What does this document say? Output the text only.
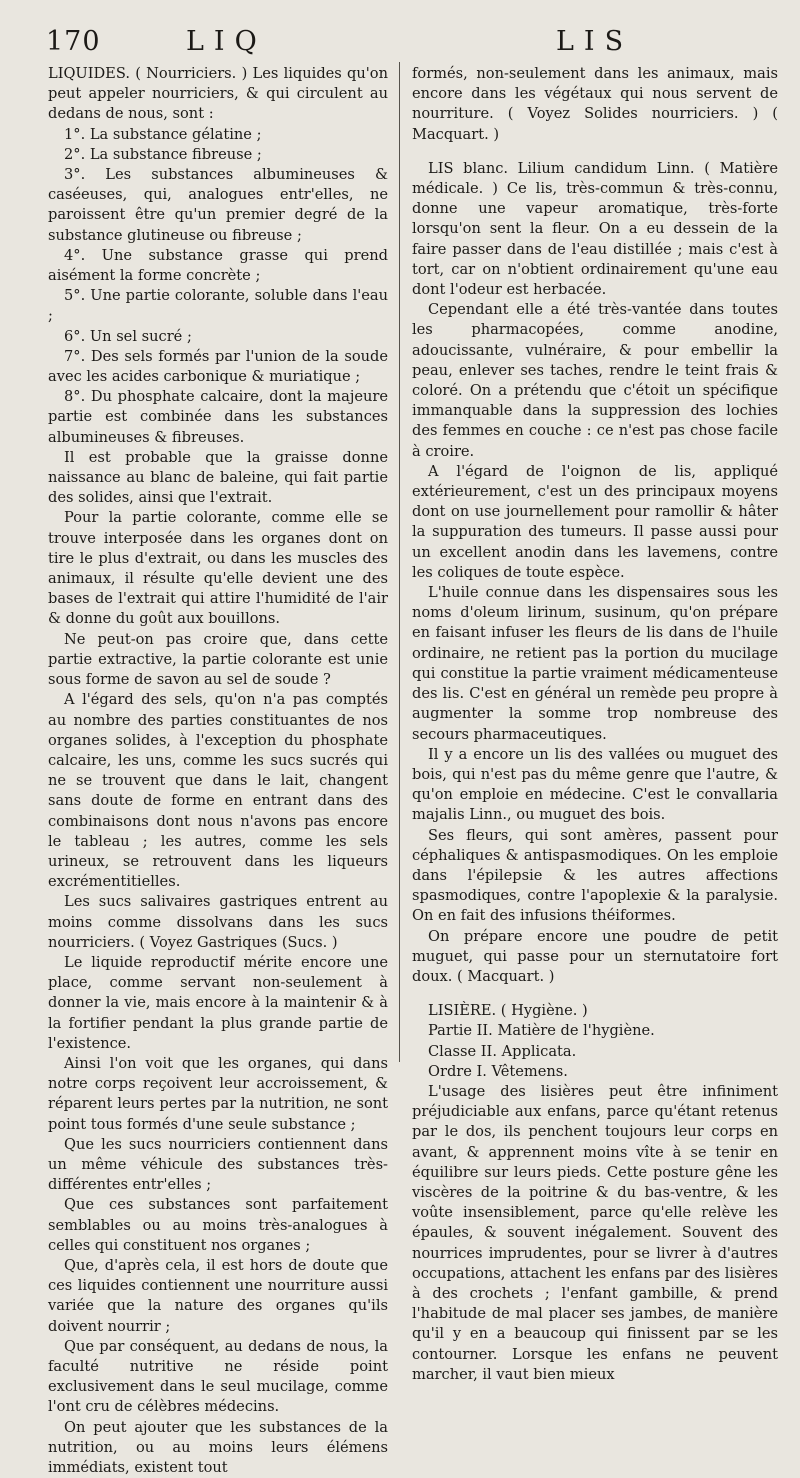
170	LIQ	LIS

LIQUIDES. ( Nourriciers. ) Les liquides qu'on peut appeler nourriciers, & qui circulent au dedans de nous, sont :

1°. La substance gélatine ;

2°. La substance fibreuse ;

3°. Les substances albumineuses & caséeuses, qui, analogues entr'elles, ne paroissent être qu'un premier degré de la substance glutineuse ou fibreuse ;

4°. Une substance grasse qui prend aisément la forme concrète ;

5°. Une partie colorante, soluble dans l'eau ;

6°. Un sel sucré ;

7°. Des sels formés par l'union de la soude avec les acides carbonique & muriatique ;

8°. Du phosphate calcaire, dont la majeure partie est combinée dans les substances albumineuses & fibreuses.

Il est probable que la graisse donne naissance au blanc de baleine, qui fait partie des solides, ainsi que l'extrait.

Pour la partie colorante, comme elle se trouve interposée dans les organes dont on tire le plus d'extrait, ou dans les muscles des animaux, il résulte qu'elle devient une des bases de l'extrait qui attire l'humidité de l'air & donne du goût aux bouillons.

Ne peut-on pas croire que, dans cette partie extractive, la partie colorante est unie sous forme de savon au sel de soude ?

A l'égard des sels, qu'on n'a pas comptés au nombre des parties constituantes de nos organes solides, à l'exception du phosphate calcaire, les uns, comme les sucs sucrés qui ne se trouvent que dans le lait, changent sans doute de forme en entrant dans des combinaisons dont nous n'avons pas encore le tableau ; les autres, comme les sels urineux, se retrouvent dans les liqueurs excrémentitielles.

Les sucs salivaires gastriques entrent au moins comme dissolvans dans les sucs nourriciers. ( Voyez Gastriques (Sucs. )

Le liquide reproductif mérite encore une place, comme servant non-seulement à donner la vie, mais encore à la maintenir & à la fortifier pendant la plus grande partie de l'existence.

Ainsi l'on voit que les organes, qui dans notre corps reçoivent leur accroissement, & réparent leurs pertes par la nutrition, ne sont point tous formés d'une seule substance ;

Que les sucs nourriciers contiennent dans un même véhicule des substances très-différentes entr'elles ;

Que ces substances sont parfaitement semblables ou au moins très-analogues à celles qui constituent nos organes ;

Que, d'après cela, il est hors de doute que ces liquides contiennent une nourriture aussi variée que la nature des organes qu'ils doivent nourrir ;

Que par conséquent, au dedans de nous, la faculté nutritive ne réside point exclusivement dans le seul mucilage, comme l'ont cru de célèbres médecins.

On peut ajouter que les substances de la nutrition, ou au moins leurs élémens immédiats, existent tout

formés, non-seulement dans les animaux, mais encore dans les végétaux qui nous servent de nourriture. ( Voyez Solides nourriciers. ) ( Macquart. )

LIS blanc. Lilium candidum Linn. ( Matière médicale. ) Ce lis, très-commun & très-connu, donne une vapeur aromatique, très-forte lorsqu'on sent la fleur. On a eu dessein de la faire passer dans de l'eau distillée ; mais c'est à tort, car on n'obtient ordinairement qu'une eau dont l'odeur est herbacée.

Cependant elle a été très-vantée dans toutes les pharmacopées, comme anodine, adoucissante, vulnéraire, & pour embellir la peau, enlever ses taches, rendre le teint frais & coloré. On a prétendu que c'étoit un spécifique immanquable dans la suppression des lochies des femmes en couche : ce n'est pas chose facile à croire.

A l'égard de l'oignon de lis, appliqué extérieurement, c'est un des principaux moyens dont on use journellement pour ramollir & hâter la suppuration des tumeurs. Il passe aussi pour un excellent anodin dans les lavemens, contre les coliques de toute espèce.

L'huile connue dans les dispensaires sous les noms d'oleum lirinum, susinum, qu'on prépare en faisant infuser les fleurs de lis dans de l'huile ordinaire, ne retient pas la portion du mucilage qui constitue la partie vraiment médicamenteuse des lis. C'est en général un remède peu propre à augmenter la somme trop nombreuse des secours pharmaceutiques.

Il y a encore un lis des vallées ou muguet des bois, qui n'est pas du même genre que l'autre, & qu'on emploie en médecine. C'est le convallaria majalis Linn., ou muguet des bois.

Ses fleurs, qui sont amères, passent pour céphaliques & antispasmodiques. On les emploie dans l'épilepsie & les autres affections spasmodiques, contre l'apoplexie & la paralysie. On en fait des infusions théiformes.

On prépare encore une poudre de petit muguet, qui passe pour un sternutatoire fort doux. ( Macquart. )

LISIÈRE. ( Hygiène. )

Partie II. Matière de l'hygiène.

Classe II. Applicata.

Ordre I. Vêtemens.

L'usage des lisières peut être infiniment préjudiciable aux enfans, parce qu'étant retenus par le dos, ils penchent toujours leur corps en avant, & apprennent moins vîte à se tenir en équilibre sur leurs pieds. Cette posture gêne les viscères de la poitrine & du bas-ventre, & les voûte insensiblement, parce qu'elle relève les épaules, & souvent inégalement. Souvent des nourrices imprudentes, pour se livrer à d'autres occupations, attachent les enfans par des lisières à des crochets ; l'enfant gambille, & prend l'habitude de mal placer ses jambes, de manière qu'il y en a beaucoup qui finissent par se les contourner. Lorsque les enfans ne peuvent marcher, il vaut bien mieux
